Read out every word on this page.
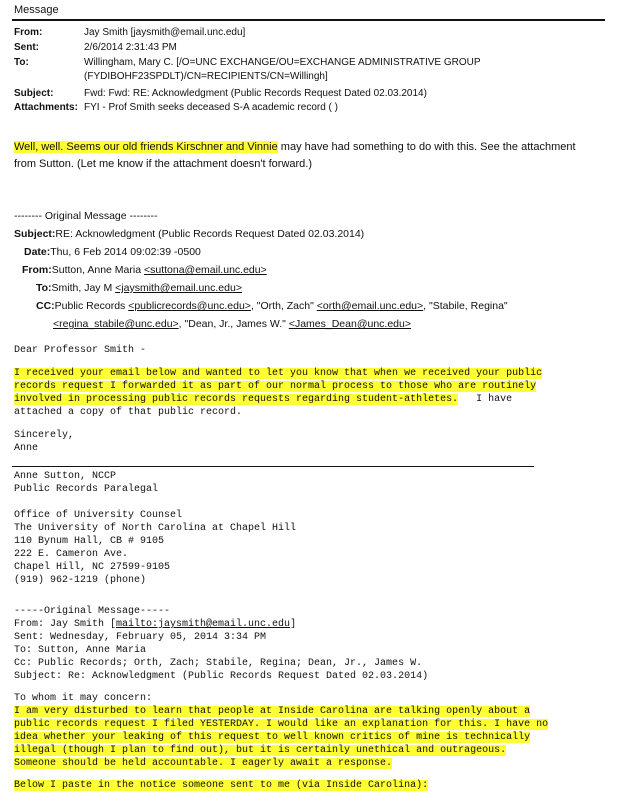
Message
From:	Jay Smith [jaysmith@email.unc.edu]
Sent:	2/6/2014 2:31:43 PM
To:	Willingham, Mary C. [/O=UNC EXCHANGE/OU=EXCHANGE ADMINISTRATIVE GROUP
(FYDIBOHF23SPDLT)/CN=RECIPIENTS/CN=Willingh]
Subject:	Fwd: Fwd: RE: Acknowledgment (Public Records Request Dated 02.03.2014)
Attachments: FYI - Prof Smith seeks deceased S-A academic record ( )
Well, well. Seems our old friends Kirschner and Vinnie may have had something to do with this. See the attachment
from Sutton. (Let me know if the attachment doesn't forward.)
-------- Original Message --------
Subject:RE: Acknowledgment (Public Records Request Dated 02.03.2014)
Date:Thu, 6 Feb 2014 09:02:39 -0500
From:Sutton, Anne Maria <suttona@email.unc.edu>
To:Smith, Jay M <jaysmith@email.unc.edu>
CC:Public Records <publicrecords@unc.edu>, "Orth, Zach" <orth@email.unc.edu>, "Stabile, Regina"
<regina_stabile@unc.edu>, "Dean, Jr., James W." <James_Dean@unc.edu>
Dear Professor Smith -
I received your email below and wanted to let you know that when we received your public
records request I forwarded it as part of our normal process to those who are routinely
involved in processing public records requests regarding student-athletes.   I have
attached a copy of that public record.
Sincerely,
Anne
Anne Sutton, NCCP
Public Records Paralegal
Office of University Counsel
The University of North Carolina at Chapel Hill
110 Bynum Hall, CB # 9105
222 E. Cameron Ave.
Chapel Hill, NC 27599-9105
(919) 962-1219 (phone)
-----Original Message-----
From: Jay Smith [mailto:jaysmith@email.unc.edu]
Sent: Wednesday, February 05, 2014 3:34 PM
To: Sutton, Anne Maria
Cc: Public Records; Orth, Zach; Stabile, Regina; Dean, Jr., James W.
Subject: Re: Acknowledgment (Public Records Request Dated 02.03.2014)
To whom it may concern:
I am very disturbed to learn that people at Inside Carolina are talking openly about a
public records request I filed YESTERDAY. I would like an explanation for this. I have no
idea whether your leaking of this request to well known critics of mine is technically
illegal (though I plan to find out), but it is certainly unethical and outrageous.
Someone should be held accountable. I eagerly await a response.
Below I paste in the notice someone sent to me (via Inside Carolina):
